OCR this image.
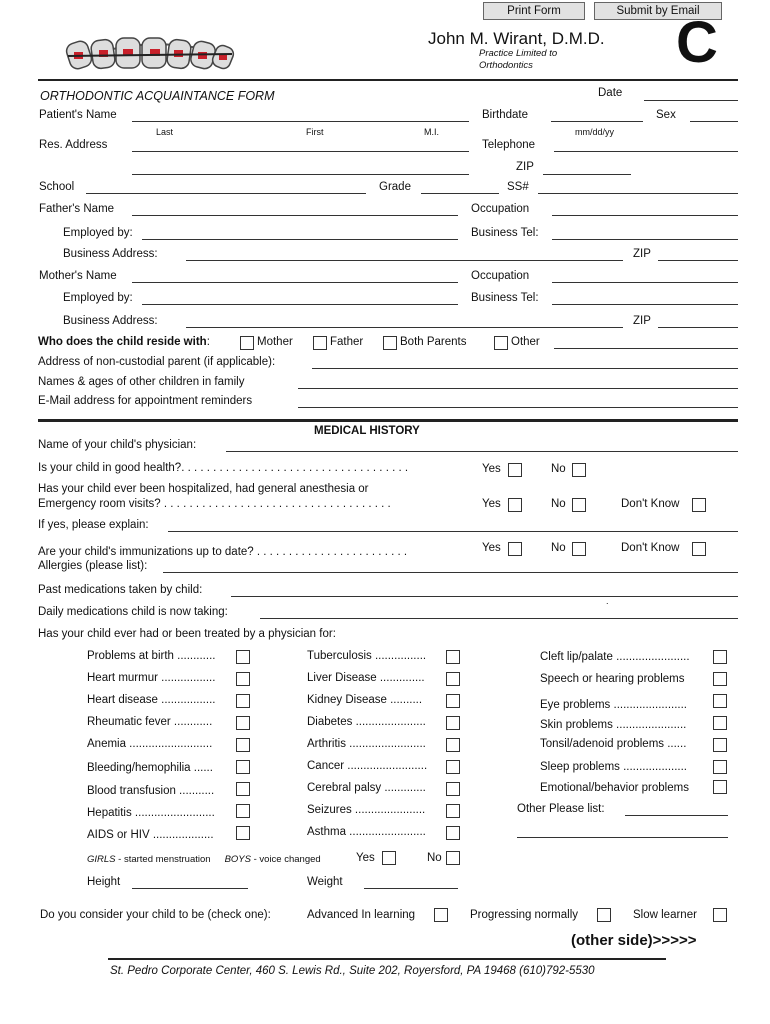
Print Form	Submit by Email
John M. Wirant, D.M.D.
Practice Limited to
Orthodontics C
ORTHODONTIC ACQUAINTANCE FORM	Date
Patient's Name	Birthdate	Sex
Last	First	M.I.	mm/dd/yy
Res. Address	Telephone
ZIP
School	Grade	SS#
Father's Name	Occupation
Employed by:	Business Tel:
Business Address:	ZIP
Mother's Name	Occupation
Employed by:	Business Tel:
Business Address:	ZIP
Who does the child reside with:	Mother	Father	Both Parents	Other
Address of non-custodial parent (if applicable):
Names & ages of other children in family
E-Mail address for appointment reminders
MEDICAL HISTORY
Name of your child's physician:
Is your child in good health?. . . . . . . . . . . . . . . . . . . . . . . . . . . . . . . . . . . .	Yes	No
Has your child ever been hospitalized, had general anesthesia or
Emergency room visits? . . . . . . . . . . . . . . . . . . . . . . . . . . . . . . . . . . . .	Yes	No	Don't Know
If yes, please explain:
Are your child's immunizations up to date? . . . . . . . . . . . . . . . . . . . . . . . .	Yes	No	Don't Know
Allergies (please list):
Past medications taken by child:
.
Daily medications child is now taking:
Has your child ever had or been treated by a physician for:
Problems at birth ............
Heart murmur .................
Heart disease .................
Rheumatic fever ............
Anemia ..........................
Bleeding/hemophilia ......
Blood transfusion ...........
Hepatitis .........................
AIDS or HIV ...................
Tuberculosis ................
Liver Disease ..............
Kidney Disease ..........
Diabetes ......................
Arthritis ........................
Cancer .........................
Cerebral palsy .............
Seizures ......................
Asthma ........................
Cleft lip/palate .......................
Speech or hearing problems
Eye problems .......................
Skin problems ......................
Tonsil/adenoid problems ......
Sleep problems ....................
Emotional/behavior problems
Other Please list:
GIRLS - started menstruation BOYS - voice changed	Yes	No
Height	Weight
Do you consider your child to be (check one):	Advanced In learning	Progressing normally	Slow learner
(other side)>>>>>
St. Pedro Corporate Center, 460 S. Lewis Rd., Suite 202, Royersford, PA 19468 (610)792-5530
